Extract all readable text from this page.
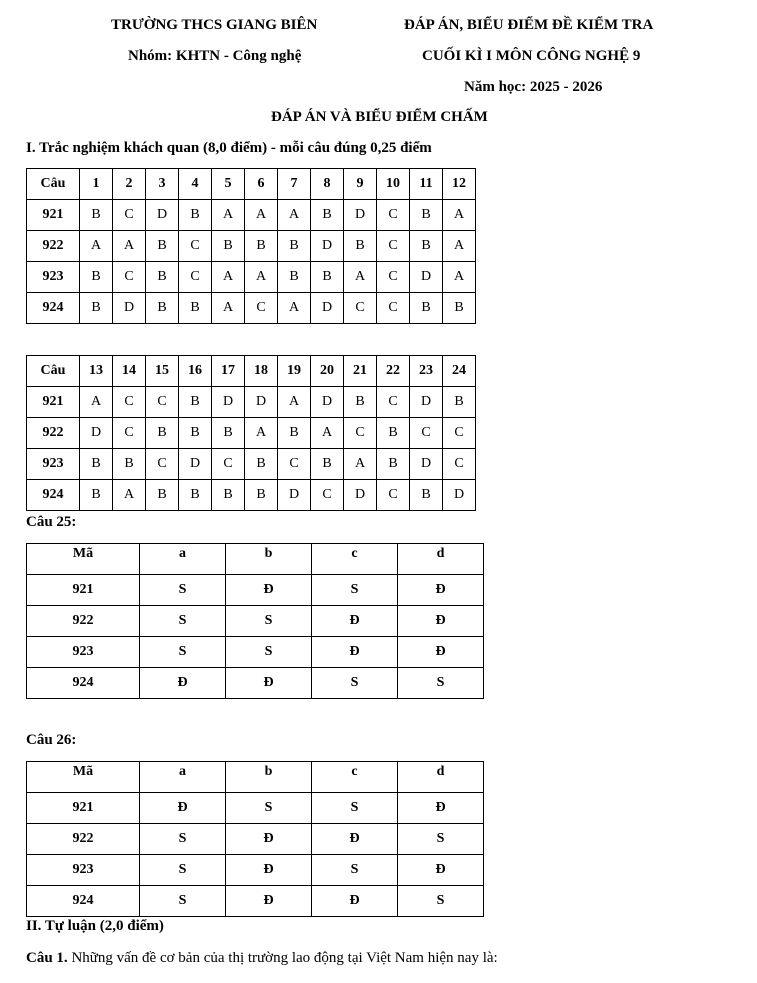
TRƯỜNG THCS GIANG BIÊN
Nhóm: KHTN - Công nghệ
ĐÁP ÁN, BIỂU ĐIỂM ĐỀ KIỂM TRA
CUỐI KÌ I MÔN CÔNG NGHỆ 9
Năm học: 2025 - 2026
ĐÁP ÁN VÀ BIỂU ĐIỂM CHẤM
I. Trắc nghiệm khách quan (8,0 điểm) - mỗi câu đúng 0,25 điểm
Câu	1	2	3	4	5	6	7	8	9	10	11	12
921	B	C	D	B	A	A	A	B	D	C	B	A
922	A	A	B	C	B	B	B	D	B	C	B	A
923	B	C	B	C	A	A	B	B	A	C	D	A
924	B	D	B	B	A	C	A	D	C	C	B	B
Câu	13	14	15	16	17	18	19	20	21	22	23	24
921	A	C	C	B	D	D	A	D	B	C	D	B
922	D	C	B	B	B	A	B	A	C	B	C	C
923	B	B	C	D	C	B	C	B	A	B	D	C
924	B	A	B	B	B	B	D	C	D	C	B	D
Câu 25:
Mã	a	b	c	d
921	S	Đ	S	Đ
922	S	S	Đ	Đ
923	S	S	Đ	Đ
924	Đ	Đ	S	S
Câu 26:
Mã	a	b	c	d
921	Đ	S	S	Đ
922	S	Đ	Đ	S
923	S	Đ	S	Đ
924	S	Đ	Đ	S
II. Tự luận (2,0 điểm)
Câu 1. Những vấn đề cơ bản của thị trường lao động tại Việt Nam hiện nay là:
